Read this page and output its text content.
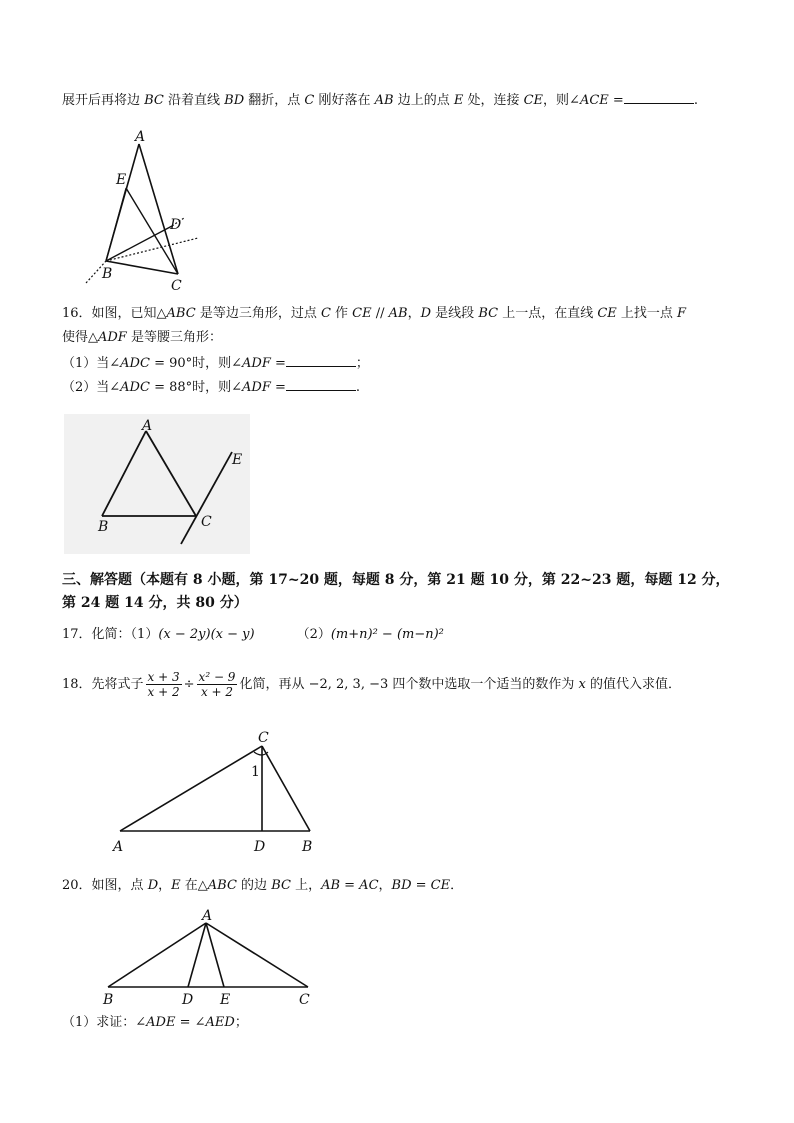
展开后再将边 BC 沿着直线 BD 翻折，点 C 刚好落在 AB 边上的点 E 处，连接 CE，则∠ACE =	.
A
E
D
B
C
16．如图，已知△ABC 是等边三角形，过点 C 作 CE // AB，D 是线段 BC 上一点，在直线 CE 上找一点 F
使得△ADF 是等腰三角形：
（1）当∠ADC = 90°时，则∠ADF =	；
（2）当∠ADC = 88°时，则∠ADF =	.
A
E
B	C
三、解答题（本题有 8 小题，第 17~20 题，每题 8 分，第 21 题 10 分，第 22~23 题，每题 12 分，
第 24 题 14 分，共 80 分）
17．化简：（1）(x − 2y)(x − y)	（2）(m+n)² − (m−n)²
18．先将式子 $\frac{x + 3}{x + 2} \div \frac{\text{x² − 9}}{x + 2}$ 化简，再从 −2, 2, 3, −3 四个数中选取一个适当的数作为 x 的值代入求值．
C
1
A	D	B
20．如图，点 D，E 在△ABC 的边 BC 上，AB = AC，BD = CE．
A
B	D E	C
（1）求证：∠ADE = ∠AED；
